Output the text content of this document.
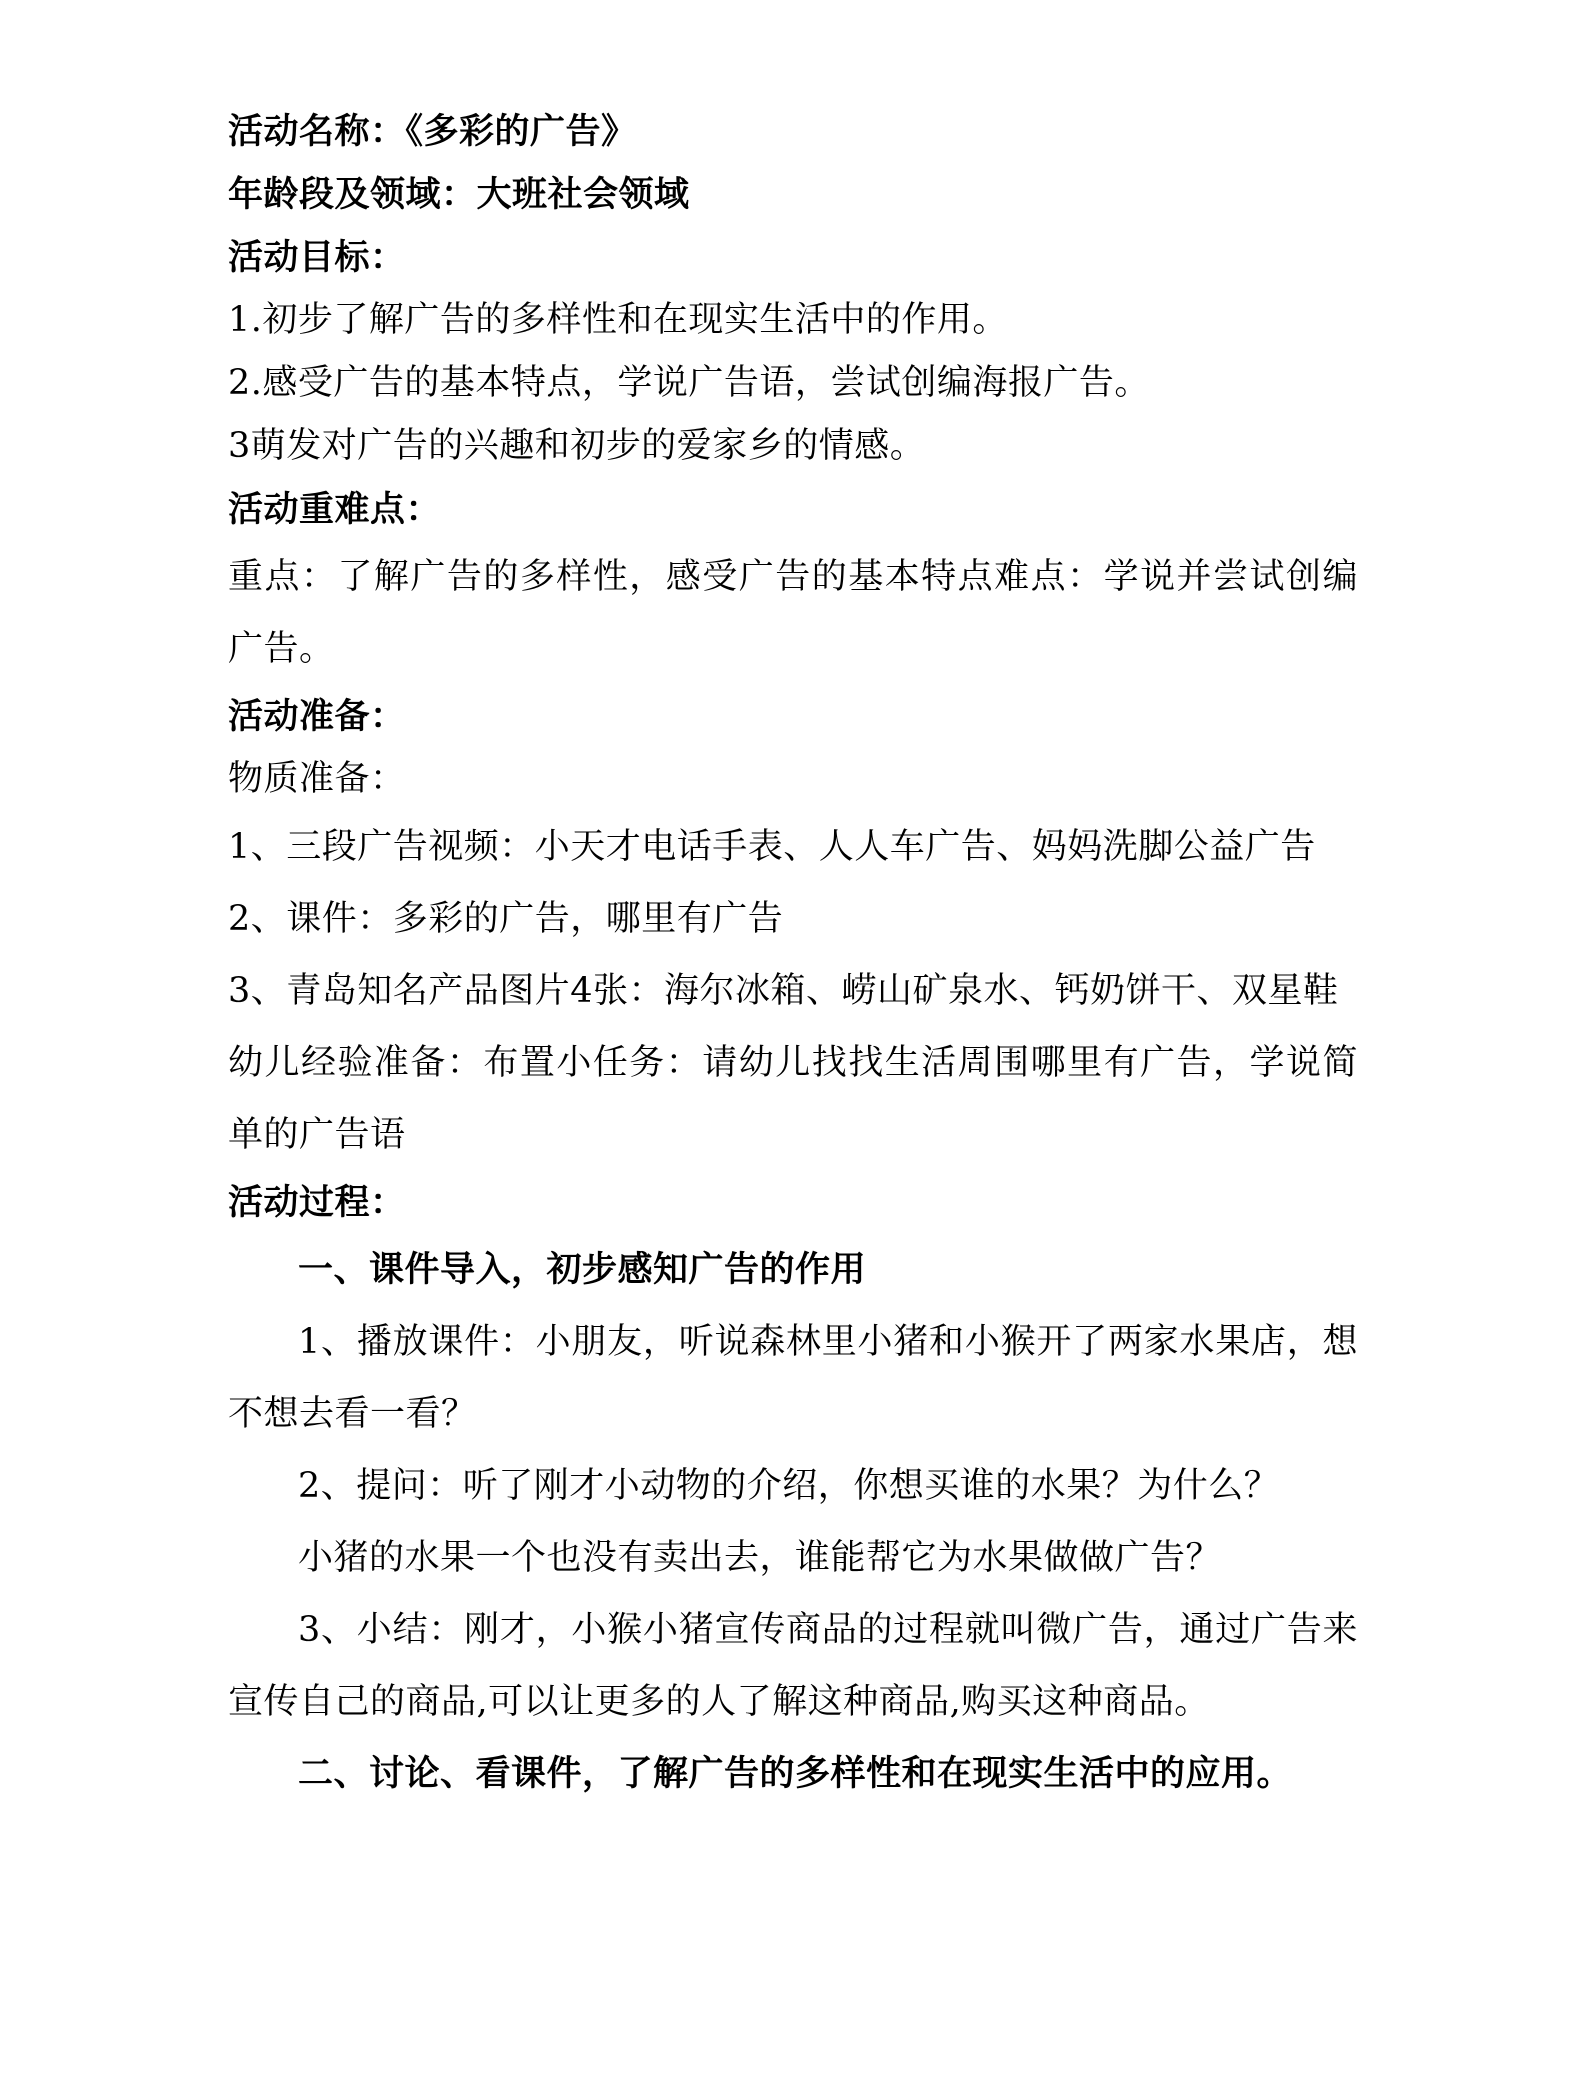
活动名称：《多彩的广告》

年龄段及领域：大班社会领域

活动目标：

1.初步了解广告的多样性和在现实生活中的作用。

2.感受广告的基本特点，学说广告语，尝试创编海报广告。

3萌发对广告的兴趣和初步的爱家乡的情感。

活动重难点：

重点：了解广告的多样性，感受广告的基本特点难点：学说并尝试创编广告。

活动准备：

物质准备：

1、三段广告视频：小天才电话手表、人人车广告、妈妈洗脚公益广告

2、课件：多彩的广告，哪里有广告

3、青岛知名产品图片4张：海尔冰箱、崂山矿泉水、钙奶饼干、双星鞋

幼儿经验准备：布置小任务：请幼儿找找生活周围哪里有广告，学说简单的广告语

活动过程：

一、课件导入，初步感知广告的作用

1、播放课件：小朋友，听说森林里小猪和小猴开了两家水果店，想不想去看一看？

2、提问：听了刚才小动物的介绍，你想买谁的水果？为什么？

小猪的水果一个也没有卖出去，谁能帮它为水果做做广告？

3、小结：刚才，小猴小猪宣传商品的过程就叫微广告，通过广告来宣传自己的商品,可以让更多的人了解这种商品,购买这种商品。

二、讨论、看课件，了解广告的多样性和在现实生活中的应用。
